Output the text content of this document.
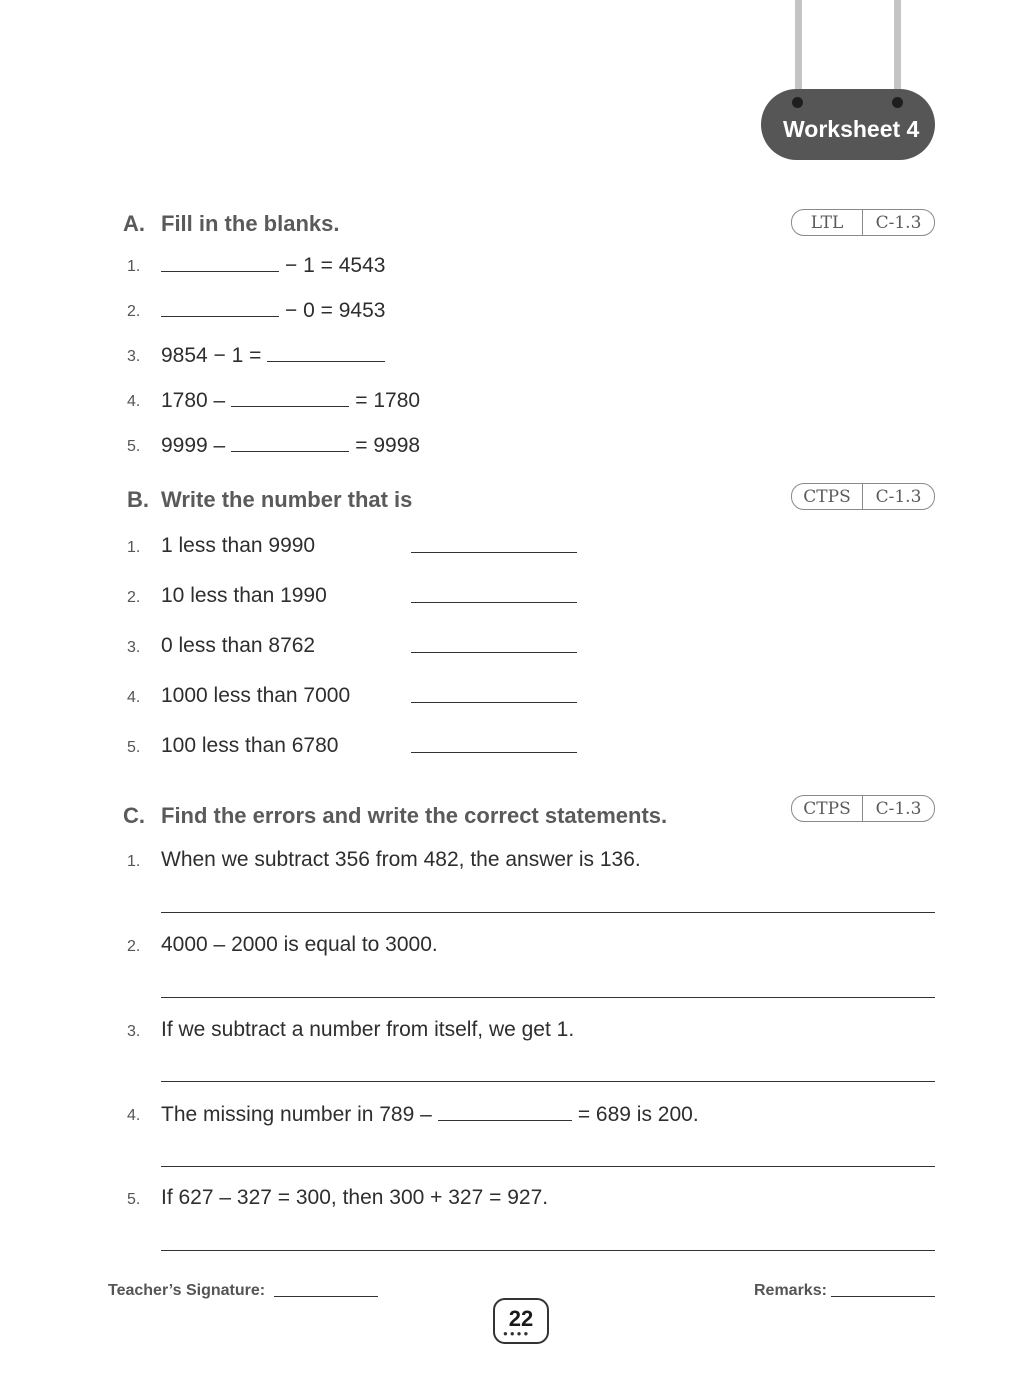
Worksheet 4
A. Fill in the blanks.	LTL	C-1.3
1.	− 1 = 4543
2.	− 0 = 9453
3. 9854 − 1 =
4. 1780 –	= 1780
5. 9999 –	= 9998
B. Write the number that is	CTPS	C-1.3
1. 1 less than 9990
2. 10 less than 1990
3. 0 less than 8762
4. 1000 less than 7000
5. 100 less than 6780
C. Find the errors and write the correct statements.	CTPS	C-1.3
1. When we subtract 356 from 482, the answer is 136.
2. 4000 – 2000 is equal to 3000.
3. If we subtract a number from itself, we get 1.
4. The missing number in 789 –	= 689 is 200.
5. If 627 – 327 = 300, then 300 + 327 = 927.
Teacher’s Signature:	Remarks:
22
●●●●
